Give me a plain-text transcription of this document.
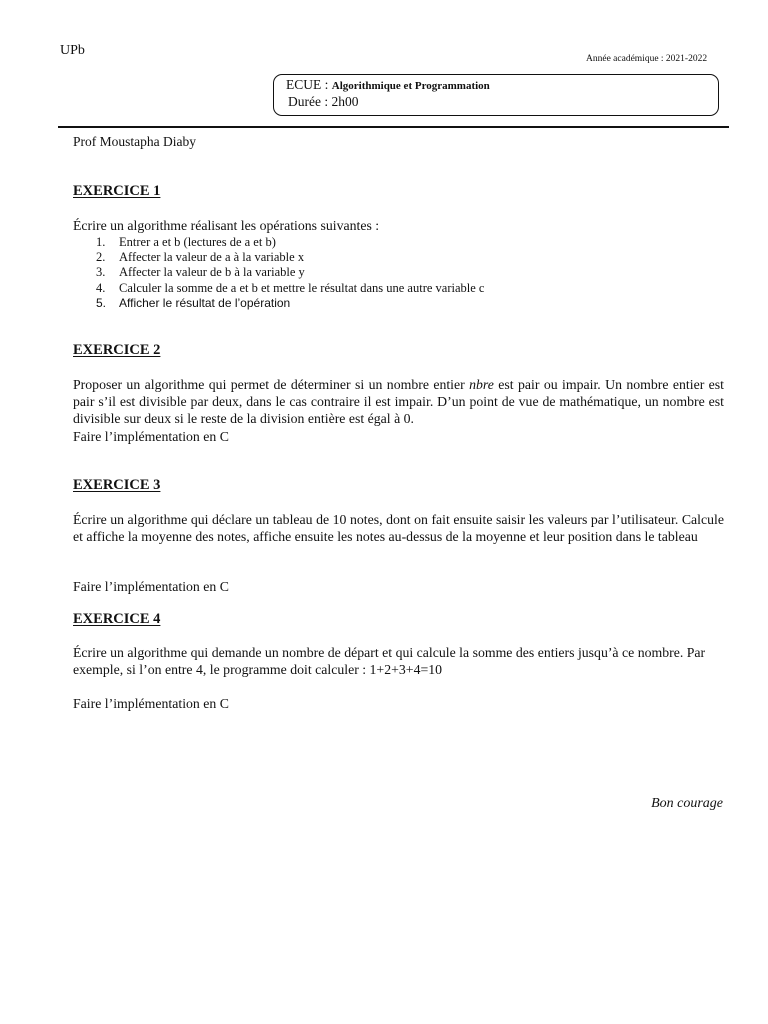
UPb
Année académique : 2021-2022
ECUE : Algorithmique et Programmation
Durée : 2h00
Prof Moustapha Diaby
EXERCICE 1
Écrire un algorithme réalisant les opérations suivantes :
1. Entrer a et b (lectures de a et b)
2. Affecter la valeur de a à la variable x
3. Affecter la valeur de b à la variable y
4. Calculer la somme de a et b et mettre le résultat dans une autre variable c
5. Afficher le résultat de l’opération
EXERCICE 2
Proposer un algorithme qui permet de déterminer si un nombre entier nbre est pair ou impair. Un nombre entier est pair s’il est divisible par deux, dans le cas contraire il est impair. D’un point de vue de mathématique, un nombre est divisible sur deux si le reste de la division entière est égal à 0.
Faire l’implémentation en C
EXERCICE 3
Écrire un algorithme qui déclare un tableau de 10 notes, dont on fait ensuite saisir les valeurs par l’utilisateur. Calcule et affiche la moyenne des notes, affiche ensuite les notes au-dessus de la moyenne et leur position dans le tableau
Faire l’implémentation en C
EXERCICE 4
Écrire un algorithme qui demande un nombre de départ et qui calcule la somme des entiers jusqu’à ce nombre. Par exemple, si l’on entre 4, le programme doit calculer : 1+2+3+4=10
Faire l’implémentation en C
Bon courage
